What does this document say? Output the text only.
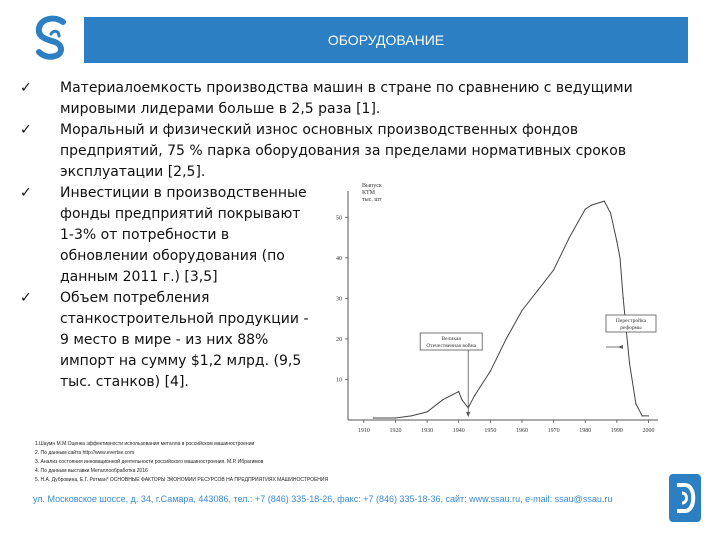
ОБОРУДОВАНИЕ
✓	Материалоемкость производства машин в стране по сравнению с ведущими
мировыми лидерами больше в 2,5 раза [1].
✓	Моральный и физический износ основных производственных фондов
предприятий, 75 % парка оборудования за пределами нормативных сроков
эксплуатации [2,5].
✓	Инвестиции в производственные
фонды предприятий покрывают
1-3% от потребности в
обновлении оборудования (по
данным 2011 г.) [3,5]
✓	Объем потребления
станкостроительной продукции -
9 место в мире - из них 88%
импорт на сумму $1,2 млрд. (9,5
тыс. станков) [4].
Выпуск КТМ тыс. шт
10
20
30
40
50
1910	1920	1930	1940	1950	1960	1970	1980	1990	2000
Великая
Отечественная война
Перестройка
реформы
1.Шаумн М.М.Оценка эффективности использования металла в российском машиностроении
2. По данным сайта http://www.evertse.com
3. Анализ состояния инновационной деятельности российского машиностроения. М.Р. Ибрагимов
4. По данным выставки Металлообработка 2016
5. Н.А. Дубровина, Е.Г. Ротман* ОСНОВНЫЕ ФАКТОРЫ ЭКОНОМИИ РЕСУРСОВ НА ПРЕДПРИЯТИЯХ МАШИНОСТРОЕНИЯ
ул. Московское шоссе, д. 34, г.Самара, 443086, тел.: +7 (846) 335-18-26, факс: +7 (846) 335-18-36, сайт: www.ssau.ru, e-mail: ssau@ssau.ru
